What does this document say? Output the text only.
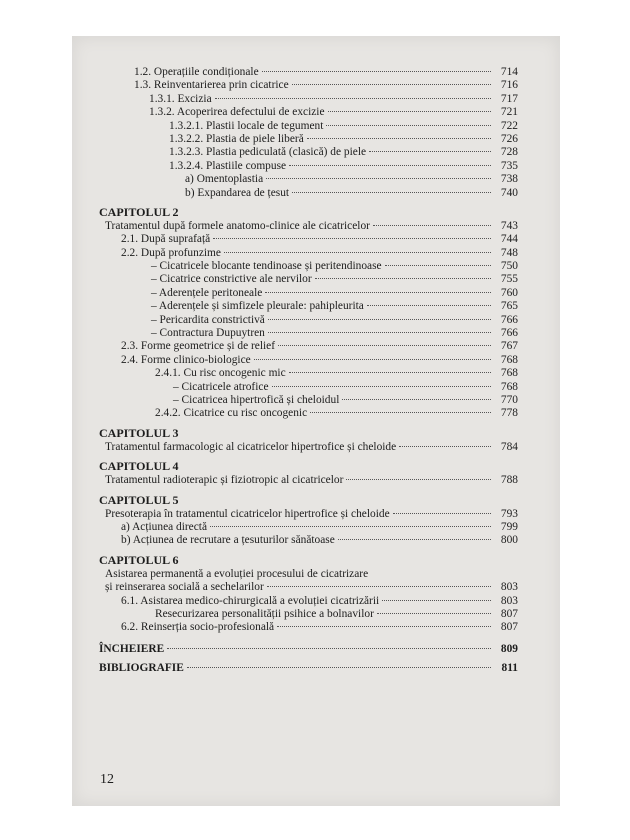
1.2. Operațiile condiționale	714
1.3. Reinventarierea prin cicatrice	716
1.3.1. Excizia	717
1.3.2. Acoperirea defectului de excizie	721
1.3.2.1. Plastii locale de tegument	722
1.3.2.2. Plastia de piele liberă	726
1.3.2.3. Plastia pediculată (clasică) de piele	728
1.3.2.4. Plastiile compuse	735
a) Omentoplastia	738
b) Expandarea de țesut	740
CAPITOLUL 2
Tratamentul după formele anatomo-clinice ale cicatricelor	743
2.1. După suprafață	744
2.2. După profunzime	748
– Cicatricele blocante tendinoase și peritendinoase	750
– Cicatrice constrictive ale nervilor	755
– Aderențele peritoneale	760
– Aderențele și simfizele pleurale: pahipleurita	765
– Pericardita constrictivă	766
– Contractura Dupuytren	766
2.3. Forme geometrice și de relief	767
2.4. Forme clinico-biologice	768
2.4.1. Cu risc oncogenic mic	768
– Cicatricele atrofice	768
– Cicatricea hipertrofică și cheloidul	770
2.4.2. Cicatrice cu risc oncogenic	778
CAPITOLUL 3
Tratamentul farmacologic al cicatricelor hipertrofice și cheloide	784
CAPITOLUL 4
Tratamentul radioterapic și fiziotropic al cicatricelor	788
CAPITOLUL 5
Presoterapia în tratamentul cicatricelor hipertrofice și cheloide	793
a) Acțiunea directă	799
b) Acțiunea de recrutare a țesuturilor sănătoase	800
CAPITOLUL 6
Asistarea permanentă a evoluției procesului de cicatrizare
și reinserarea socială a sechelarilor	803
6.1. Asistarea medico-chirurgicală a evoluției cicatrizării	803
Resecurizarea personalității psihice a bolnavilor	807
6.2. Reinserția socio-profesională	807
ÎNCHEIERE	809
BIBLIOGRAFIE	811
12
